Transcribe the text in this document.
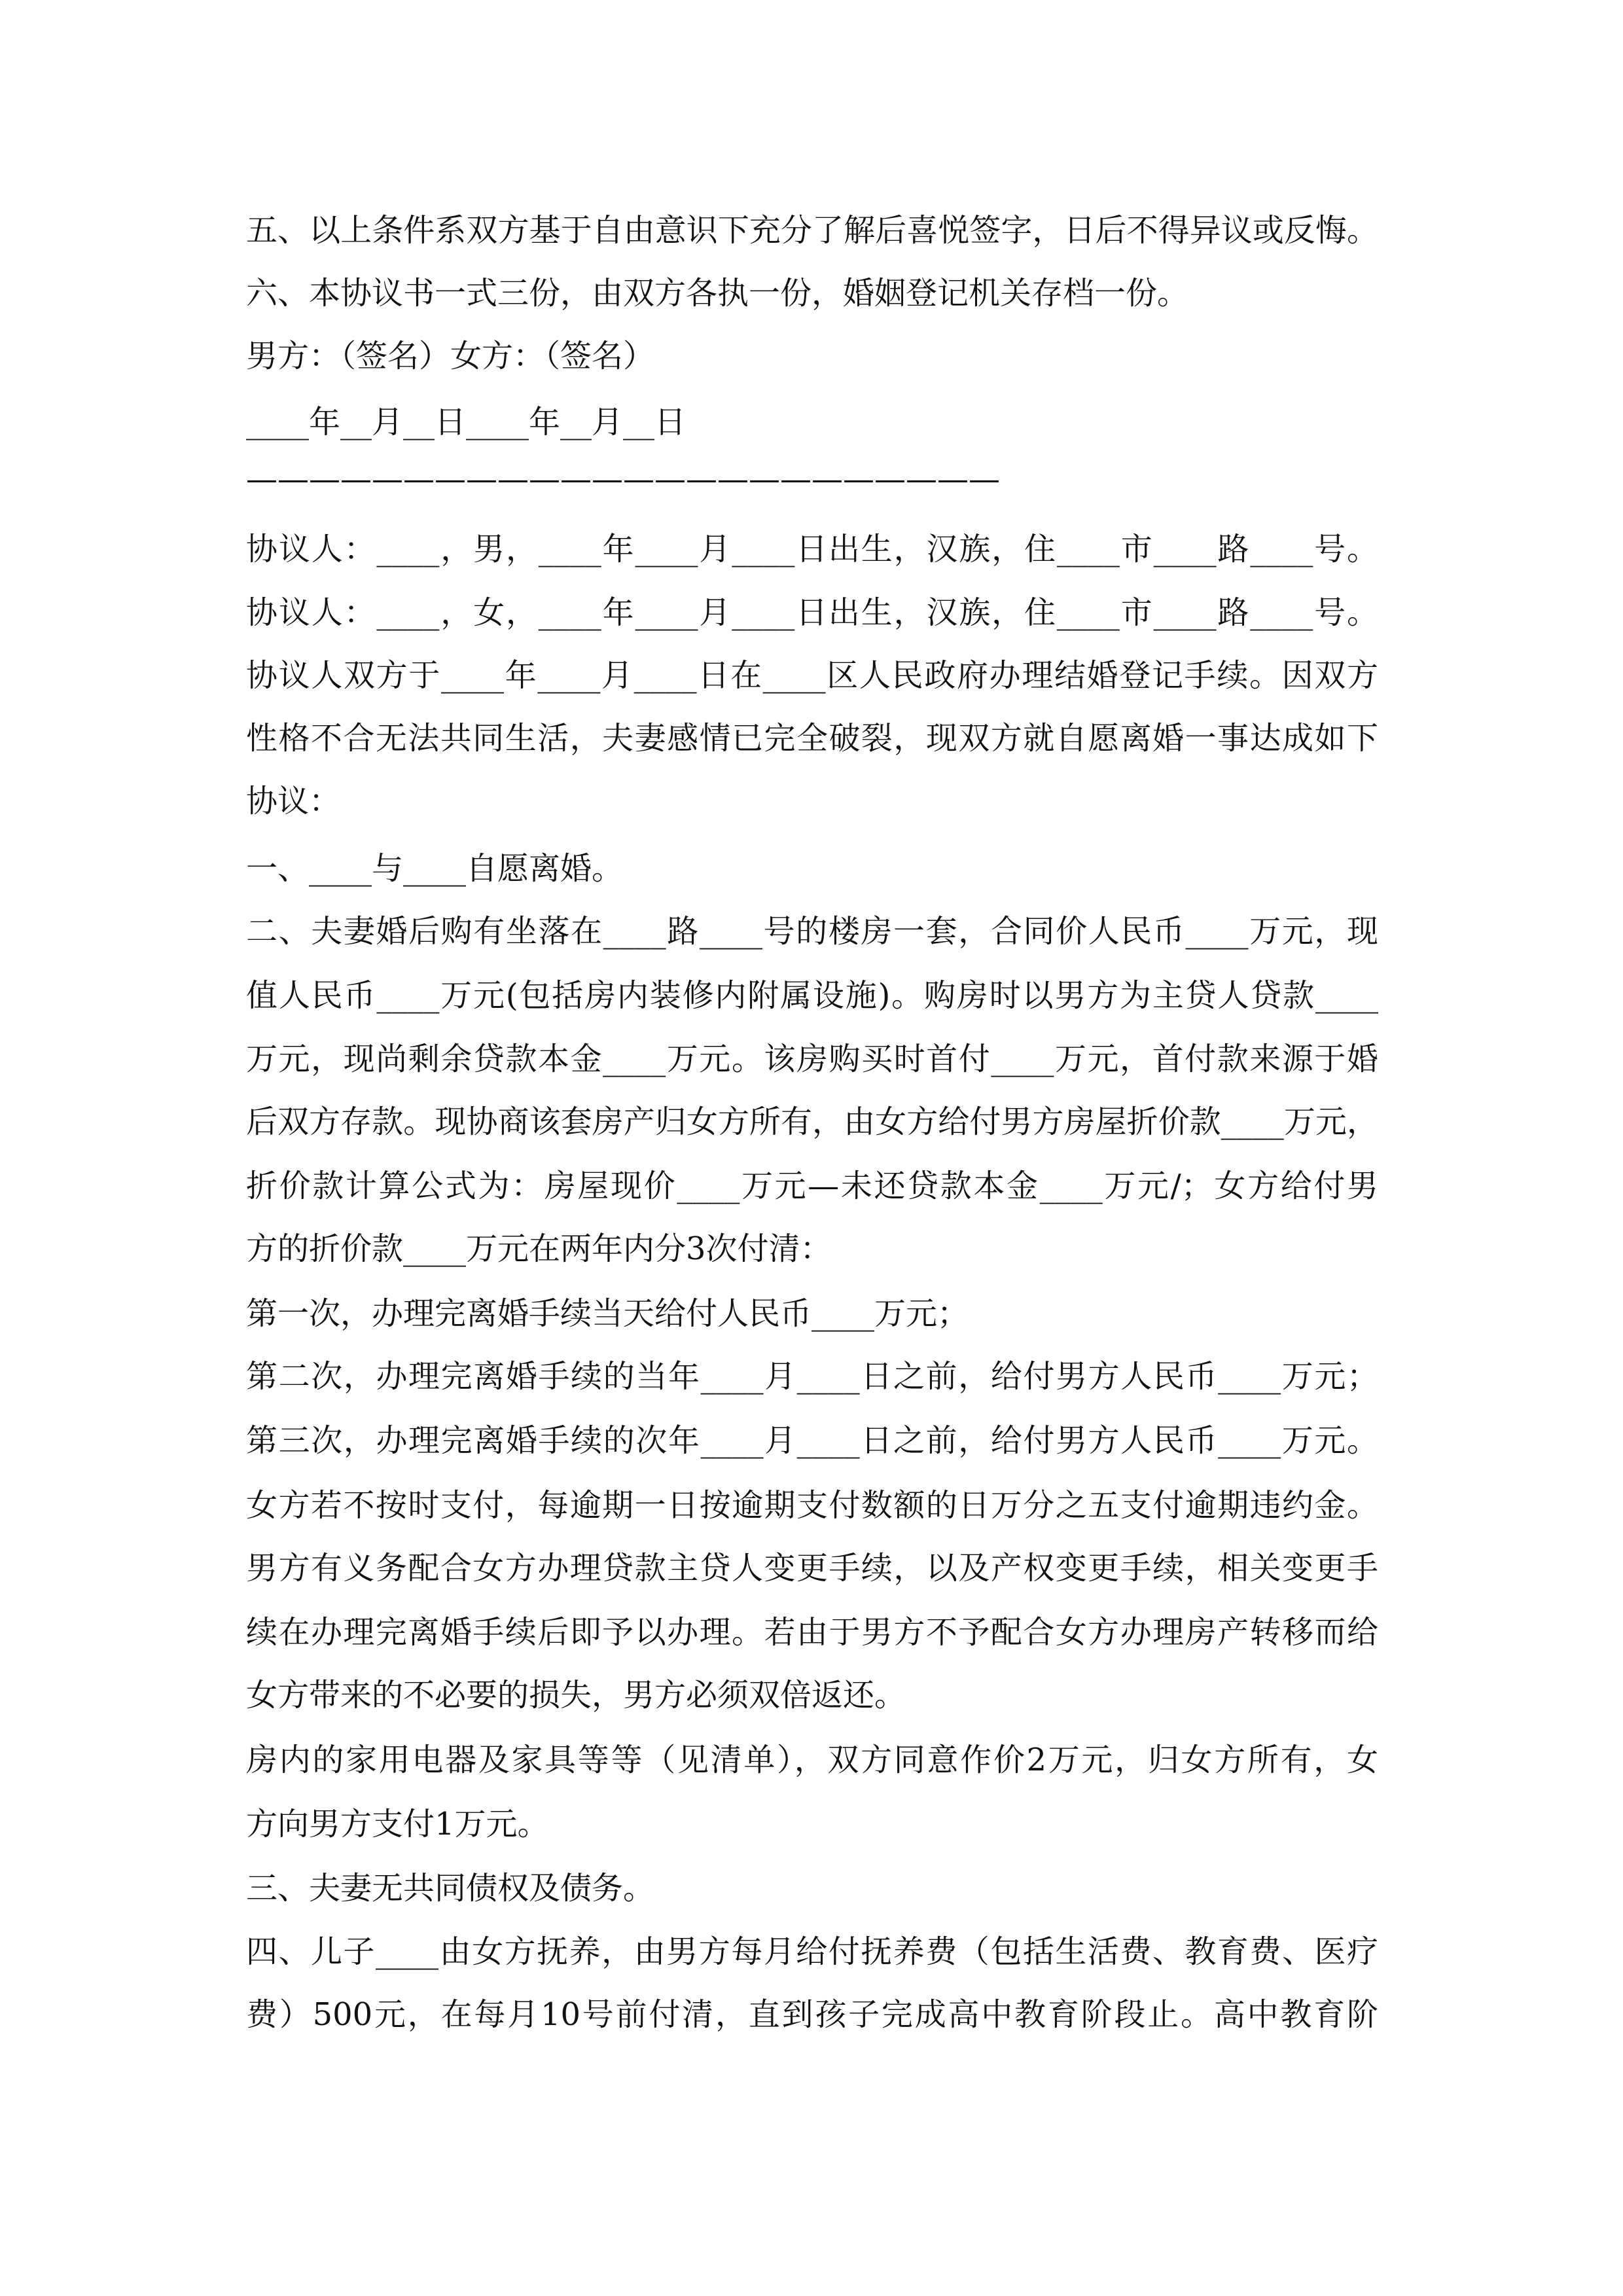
五、以上条件系双方基于自由意识下充分了解后喜悦签字，日后不得异议或反悔。
六、本协议书一式三份，由双方各执一份，婚姻登记机关存档一份。
男方：（签名）女方：（签名）
____年__月__日____年__月__日
————————————————————————
协议人：____，男，____年____月____日出生，汉族，住____市____路____号。
协议人：____，女，____年____月____日出生，汉族，住____市____路____号。
协议人双方于____年____月____日在____区人民政府办理结婚登记手续。因双方
性格不合无法共同生活，夫妻感情已完全破裂，现双方就自愿离婚一事达成如下
协议：
一、____与____自愿离婚。
二、夫妻婚后购有坐落在____路____号的楼房一套，合同价人民币____万元，现
值人民币____万元(包括房内装修内附属设施)。购房时以男方为主贷人贷款____
万元，现尚剩余贷款本金____万元。该房购买时首付____万元，首付款来源于婚
后双方存款。现协商该套房产归女方所有，由女方给付男方房屋折价款____万元，
折价款计算公式为：房屋现价____万元—未还贷款本金____万元/；女方给付男
方的折价款____万元在两年内分3次付清：
第一次，办理完离婚手续当天给付人民币____万元；
第二次，办理完离婚手续的当年____月____日之前，给付男方人民币____万元；
第三次，办理完离婚手续的次年____月____日之前，给付男方人民币____万元。
女方若不按时支付，每逾期一日按逾期支付数额的日万分之五支付逾期违约金。
男方有义务配合女方办理贷款主贷人变更手续，以及产权变更手续，相关变更手
续在办理完离婚手续后即予以办理。若由于男方不予配合女方办理房产转移而给
女方带来的不必要的损失，男方必须双倍返还。
房内的家用电器及家具等等（见清单），双方同意作价2万元，归女方所有，女
方向男方支付1万元。
三、夫妻无共同债权及债务。
四、儿子____由女方抚养，由男方每月给付抚养费（包括生活费、教育费、医疗
费）500元，在每月10号前付清，直到孩子完成高中教育阶段止。高中教育阶
